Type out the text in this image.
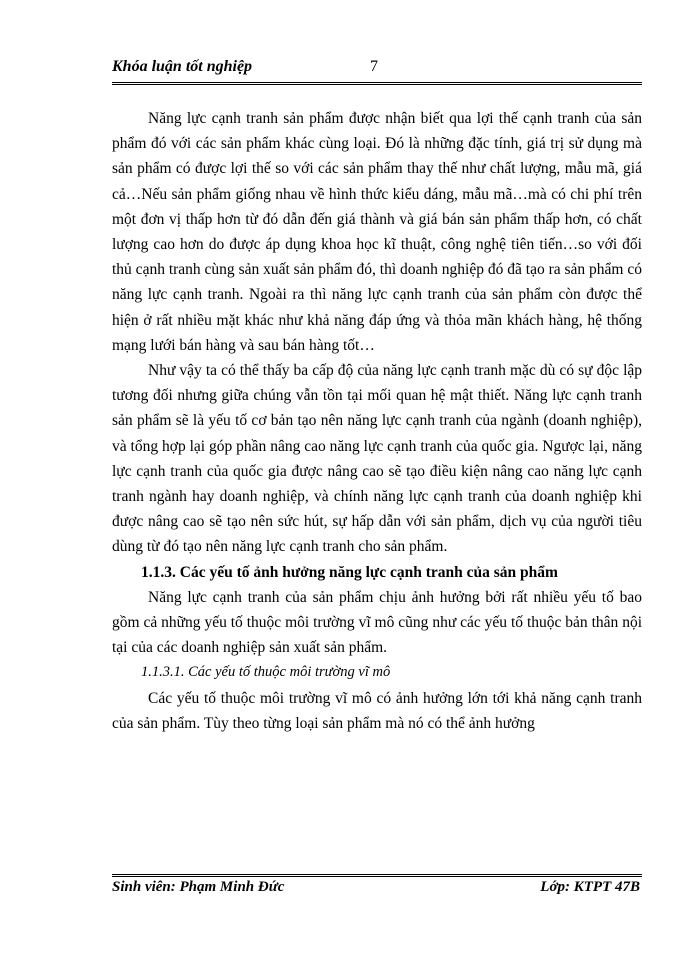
Khóa luận tốt nghiệp	7

Năng lực cạnh tranh sản phẩm được nhận biết qua lợi thế cạnh tranh của sản phẩm đó với các sản phẩm khác cùng loại. Đó là những đặc tính, giá trị sử dụng mà sản phẩm có được lợi thế so với các sản phẩm thay thế như chất lượng, mẫu mã, giá cả…Nếu sản phẩm giống nhau về hình thức kiểu dáng, mẫu mã…mà có chi phí trên một đơn vị thấp hơn từ đó dẫn đến giá thành và giá bán sản phẩm thấp hơn, có chất lượng cao hơn do được áp dụng khoa học kĩ thuật, công nghệ tiên tiến…so với đối thủ cạnh tranh cùng sản xuất sản phẩm đó, thì doanh nghiệp đó đã tạo ra sản phẩm có năng lực cạnh tranh. Ngoài ra thì năng lực cạnh tranh của sản phẩm còn được thể hiện ở rất nhiều mặt khác như khả năng đáp ứng và thỏa mãn khách hàng, hệ thống mạng lưới bán hàng và sau bán hàng tốt…

Như vậy ta có thể thấy ba cấp độ của năng lực cạnh tranh mặc dù có sự độc lập tương đối nhưng giữa chúng vẫn tồn tại mối quan hệ mật thiết. Năng lực cạnh tranh sản phẩm sẽ là yếu tố cơ bản tạo nên năng lực cạnh tranh của ngành (doanh nghiệp), và tổng hợp lại góp phần nâng cao năng lực cạnh tranh của quốc gia. Ngược lại, năng lực cạnh tranh của quốc gia được nâng cao sẽ tạo điều kiện nâng cao năng lực cạnh tranh ngành hay doanh nghiệp, và chính năng lực cạnh tranh của doanh nghiệp khi được nâng cao sẽ tạo nên sức hút, sự hấp dẫn với sản phẩm, dịch vụ của người tiêu dùng từ đó tạo nên năng lực cạnh tranh cho sản phẩm.

1.1.3. Các yếu tố ảnh hưởng năng lực cạnh tranh của sản phẩm

Năng lực cạnh tranh của sản phẩm chịu ảnh hưởng bởi rất nhiều yếu tố bao gồm cả những yếu tố thuộc môi trường vĩ mô cũng như các yếu tố thuộc bản thân nội tại của các doanh nghiệp sản xuất sản phẩm.

1.1.3.1. Các yếu tố thuộc môi trường vĩ mô

Các yếu tố thuộc môi trường vĩ mô có ảnh hưởng lớn tới khả năng cạnh tranh của sản phẩm. Tùy theo từng loại sản phẩm mà nó có thể ảnh hưởng

Sinh viên: Phạm Minh Đức	Lớp: KTPT 47B
